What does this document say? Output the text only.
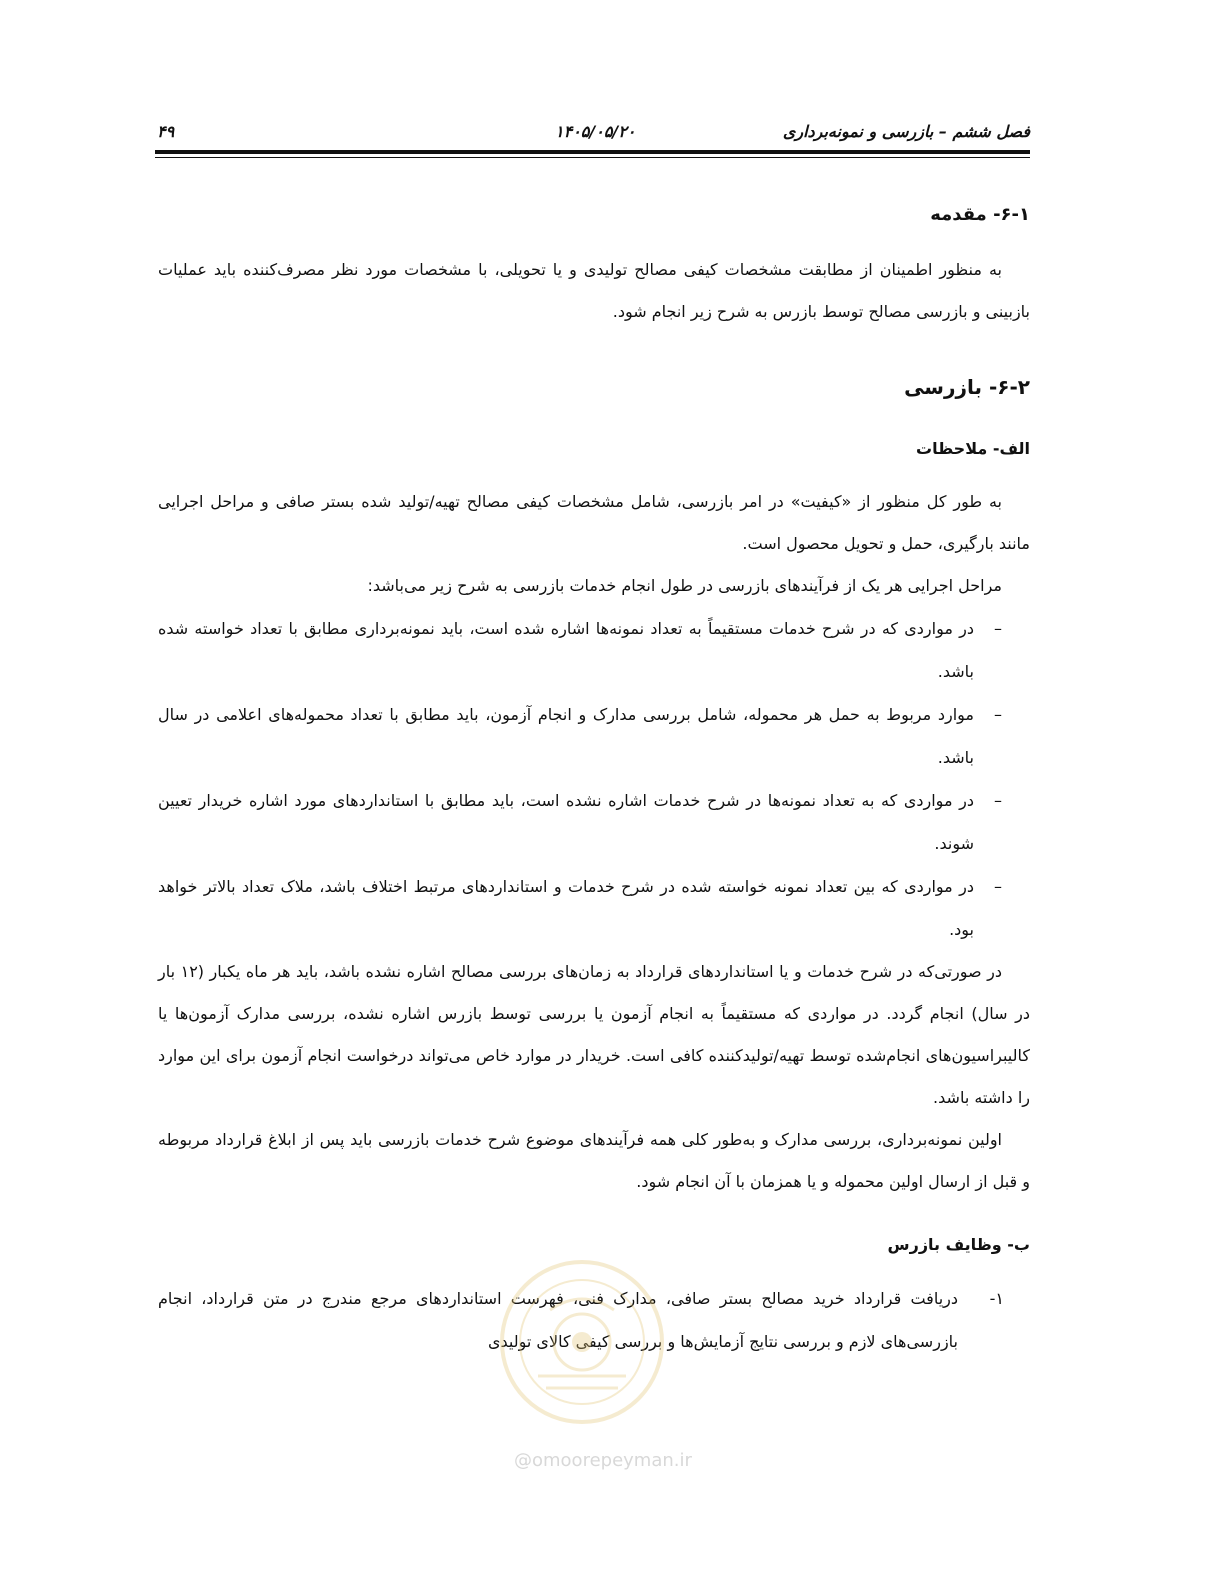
فصل ششم – بازرسی و نمونه‌برداری
۱۴۰۵/۰۵/۲۰
۴۹
۶-۱- مقدمه

به منظور اطمینان از مطابقت مشخصات کیفی مصالح تولیدی و یا تحویلی، با مشخصات مورد نظر مصرف‌کننده باید عملیات بازبینی و بازرسی مصالح توسط بازرس به شرح زیر انجام شود.

۶-۲- بازرسی
الف- ملاحظات

به طور کل منظور از «کیفیت» در امر بازرسی، شامل مشخصات کیفی مصالح تهیه/تولید شده بستر صافی و مراحل اجرایی مانند بارگیری، حمل و تحویل محصول است.

مراحل اجرایی هر یک از فرآیندهای بازرسی در طول انجام خدمات بازرسی به شرح زیر می‌باشد:

–
در مواردی که در شرح خدمات مستقیماً به تعداد نمونه‌ها اشاره شده است، باید نمونه‌برداری مطابق با تعداد خواسته شده باشد.
–
موارد مربوط به حمل هر محموله، شامل بررسی مدارک و انجام آزمون، باید مطابق با تعداد محموله‌های اعلامی در سال باشد.
–
در مواردی که به تعداد نمونه‌ها در شرح خدمات اشاره نشده است، باید مطابق با استانداردهای مورد اشاره خریدار تعیین شوند.
–
در مواردی که بین تعداد نمونه خواسته شده در شرح خدمات و استانداردهای مرتبط اختلاف باشد، ملاک تعداد بالاتر خواهد بود.

در صورتی‌که در شرح خدمات و یا استانداردهای قرارداد به زمان‌های بررسی مصالح اشاره نشده باشد، باید هر ماه یکبار (۱۲ بار در سال) انجام گردد. در مواردی که مستقیماً به انجام آزمون یا بررسی توسط بازرس اشاره نشده، بررسی مدارک آزمون‌ها یا کالیبراسیون‌های انجام‌شده توسط تهیه/تولیدکننده کافی است. خریدار در موارد خاص می‌تواند درخواست انجام آزمون برای این موارد را داشته باشد.

اولین نمونه‌برداری، بررسی مدارک و به‌طور کلی همه فرآیندهای موضوع شرح خدمات بازرسی باید پس از ابلاغ قرارداد مربوطه و قبل از ارسال اولین محموله و یا همزمان با آن انجام شود.

ب- وظایف بازرس
۱-
دریافت قرارداد خرید مصالح بستر صافی، مدارک فنی، فهرست استانداردهای مرجع مندرج در متن قرارداد، انجام بازرسی‌های لازم و بررسی نتایج آزمایش‌ها و بررسی کیفی کالای تولیدی
@omoorepeyman.ir
